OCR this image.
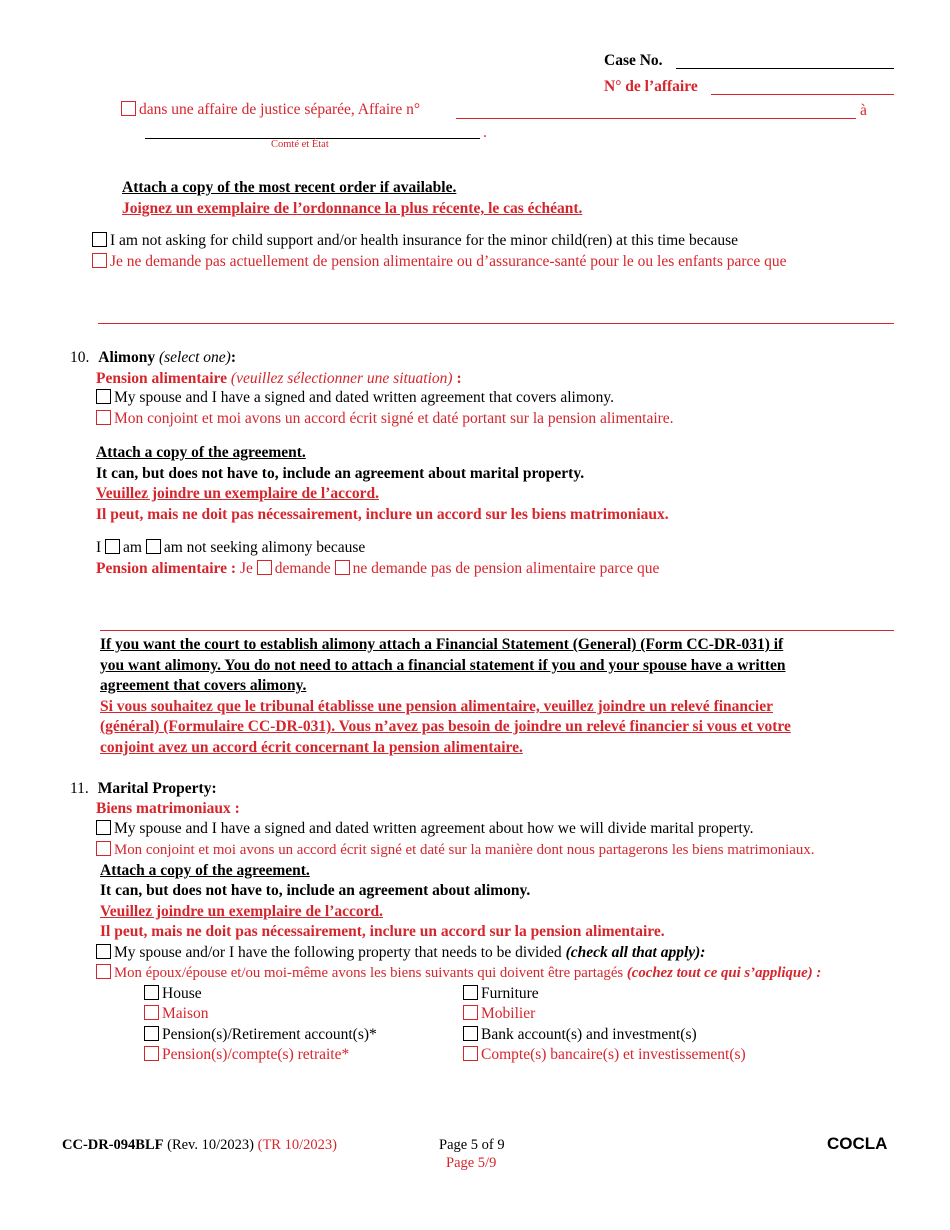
Case No.
N° de l’affaire
dans une affaire de justice séparée, Affaire n°	à
.
Comté et État
Attach a copy of the most recent order if available.
Joignez un exemplaire de l’ordonnance la plus récente, le cas échéant.
I am not asking for child support and/or health insurance for the minor child(ren) at this time because
Je ne demande pas actuellement de pension alimentaire ou d’assurance-santé pour le ou les enfants parce que
10. Alimony (select one):
Pension alimentaire (veuillez sélectionner une situation) :
My spouse and I have a signed and dated written agreement that covers alimony.
Mon conjoint et moi avons un accord écrit signé et daté portant sur la pension alimentaire.
Attach a copy of the agreement.
It can, but does not have to, include an agreement about marital property.
Veuillez joindre un exemplaire de l’accord.
Il peut, mais ne doit pas nécessairement, inclure un accord sur les biens matrimoniaux.
I am am not seeking alimony because
Pension alimentaire : Je demande ne demande pas de pension alimentaire parce que
If you want the court to establish alimony attach a Financial Statement (General) (Form CC-DR-031) if
you want alimony. You do not need to attach a financial statement if you and your spouse have a written
agreement that covers alimony.
Si vous souhaitez que le tribunal établisse une pension alimentaire, veuillez joindre un relevé financier
(général) (Formulaire CC-DR-031). Vous n’avez pas besoin de joindre un relevé financier si vous et votre
conjoint avez un accord écrit concernant la pension alimentaire.
11. Marital Property:
Biens matrimoniaux :
My spouse and I have a signed and dated written agreement about how we will divide marital property.
Mon conjoint et moi avons un accord écrit signé et daté sur la manière dont nous partagerons les biens matrimoniaux.
Attach a copy of the agreement.
It can, but does not have to, include an agreement about alimony.
Veuillez joindre un exemplaire de l’accord.
Il peut, mais ne doit pas nécessairement, inclure un accord sur la pension alimentaire.
My spouse and/or I have the following property that needs to be divided (check all that apply):
Mon époux/épouse et/ou moi-même avons les biens suivants qui doivent être partagés (cochez tout ce qui s’applique) :
House
Maison
Furniture
Mobilier
Pension(s)/Retirement account(s)*
Pension(s)/compte(s) retraite*
Bank account(s) and investment(s)
Compte(s) bancaire(s) et investissement(s)
CC-DR-094BLF (Rev. 10/2023) (TR 10/2023)	Page 5 of 9
Page 5/9
COCLA
